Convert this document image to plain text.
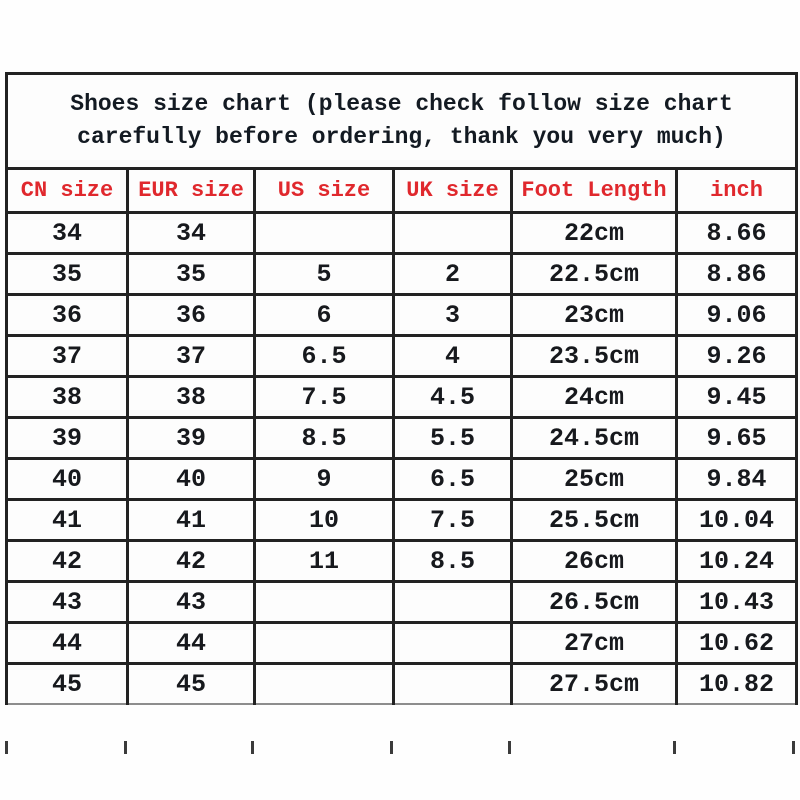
Shoes size chart (please check follow size chart carefully before ordering, thank you very much)					
CN size	EUR size	US size	UK size	Foot Length	inch
34	34			22cm	8.66
35	35	5	2	22.5cm	8.86
36	36	6	3	23cm	9.06
37	37	6.5	4	23.5cm	9.26
38	38	7.5	4.5	24cm	9.45
39	39	8.5	5.5	24.5cm	9.65
40	40	9	6.5	25cm	9.84
41	41	10	7.5	25.5cm	10.04
42	42	11	8.5	26cm	10.24
43	43			26.5cm	10.43
44	44			27cm	10.62
45	45			27.5cm	10.82
